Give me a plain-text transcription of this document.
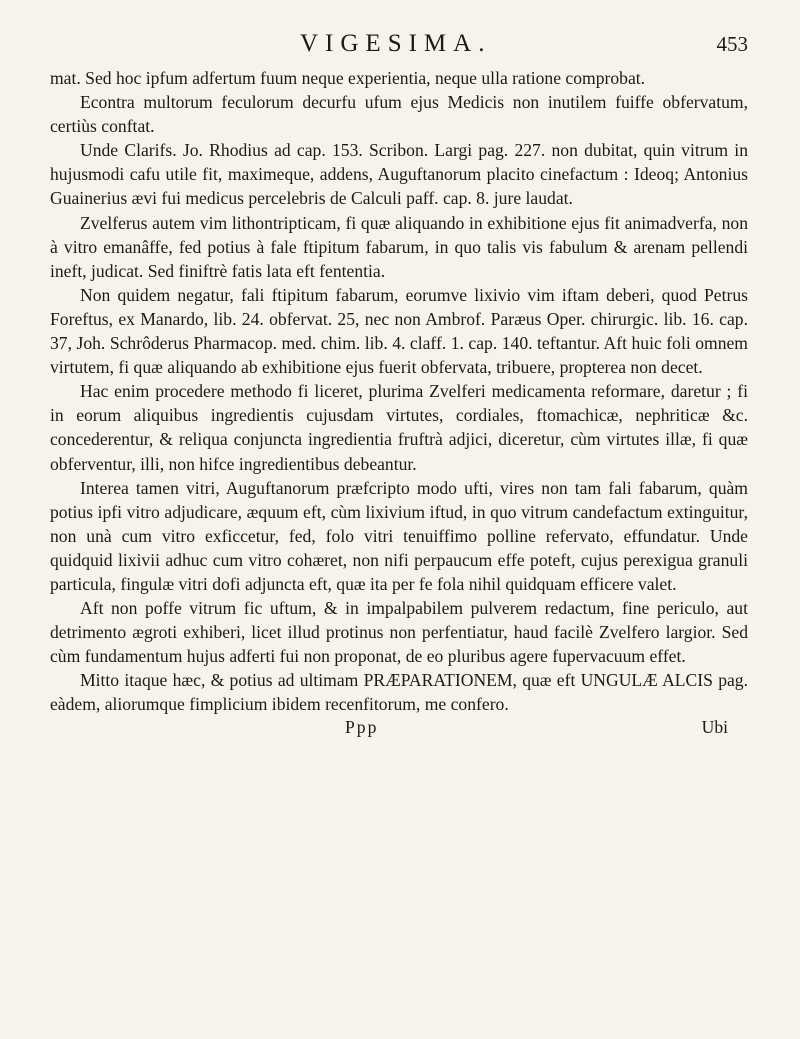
VIGESIMA.	453

mat. Sed hoc ipfum adfertum fuum neque experientia, neque ulla ratione comprobat.

Econtra multorum feculorum decurfu ufum ejus Medicis non inutilem fuiffe obfervatum, certiùs conftat.

Unde Clarifs. Jo. Rhodius ad cap. 153. Scribon. Largi pag. 227. non dubitat, quin vitrum in hujusmodi cafu utile fit, maximeque, addens, Auguftanorum placito cinefactum : Ideoq; Antonius Guainerius ævi fui medicus percelebris de Calculi paff. cap. 8. jure laudat.

Zvelferus autem vim lithontripticam, fi quæ aliquando in exhibitione ejus fit animadverfa, non à vitro emanâffe, fed potius à fale ftipitum fabarum, in quo talis vis fabulum & arenam pellendi ineft, judicat. Sed finiftrè fatis lata eft fententia.

Non quidem negatur, fali ftipitum fabarum, eorumve lixivio vim iftam deberi, quod Petrus Foreftus, ex Manardo, lib. 24. obfervat. 25, nec non Ambrof. Paræus Oper. chirurgic. lib. 16. cap. 37, Joh. Schrôderus Pharmacop. med. chim. lib. 4. claff. 1. cap. 140. teftantur. Aft huic foli omnem virtutem, fi quæ aliquando ab exhibitione ejus fuerit obfervata, tribuere, propterea non decet.

Hac enim procedere methodo fi liceret, plurima Zvelferi medicamenta reformare, daretur ; fi in eorum aliquibus ingredientis cujusdam virtutes, cordiales, ftomachicæ, nephriticæ &c. concederentur, & reliqua conjuncta ingredientia fruftrà adjici, diceretur, cùm virtutes illæ, fi quæ obferventur, illi, non hifce ingredientibus debeantur.

Interea tamen vitri, Auguftanorum præfcripto modo ufti, vires non tam fali fabarum, quàm potius ipfi vitro adjudicare, æquum eft, cùm lixivium iftud, in quo vitrum candefactum extinguitur, non unà cum vitro exficcetur, fed, folo vitri tenuiffimo polline refervato, effundatur. Unde quidquid lixivii adhuc cum vitro cohæret, non nifi perpaucum effe poteft, cujus perexigua granuli particula, fingulæ vitri dofi adjuncta eft, quæ ita per fe fola nihil quidquam efficere valet.

Aft non poffe vitrum fic uftum, & in impalpabilem pulverem redactum, fine periculo, aut detrimento ægroti exhiberi, licet illud protinus non perfentiatur, haud facilè Zvelfero largior. Sed cùm fundamentum hujus adferti fui non proponat, de eo pluribus agere fupervacuum effet.

Mitto itaque hæc, & potius ad ultimam PRÆPARATIONEM, quæ eft UNGULÆ ALCIS pag. eàdem, aliorumque fimplicium ibidem recenfitorum, me confero.

Ppp	Ubi
